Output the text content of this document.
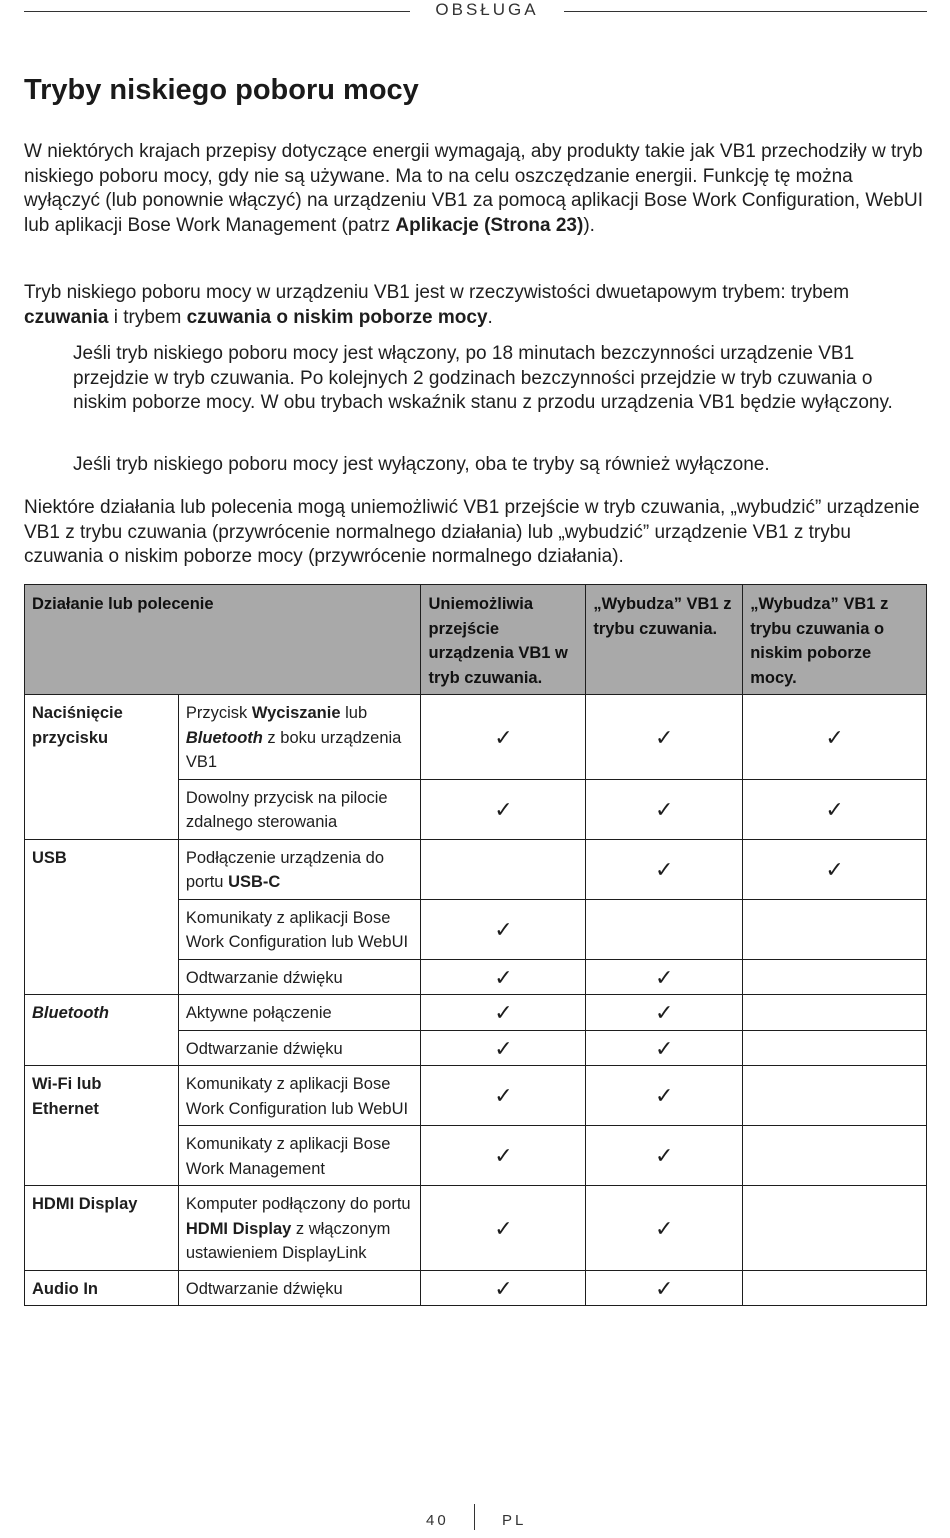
OBSŁUGA
Tryby niskiego poboru mocy

W niektórych krajach przepisy dotyczące energii wymagają, aby produkty takie jak VB1 przechodziły w tryb niskiego poboru mocy, gdy nie są używane. Ma to na celu oszczędzanie energii. Funkcję tę można wyłączyć (lub ponownie włączyć) na urządzeniu VB1 za pomocą aplikacji Bose Work Configuration, WebUI lub aplikacji Bose Work Management (patrz Aplikacje (Strona 23)).

Tryb niskiego poboru mocy w urządzeniu VB1 jest w rzeczywistości dwuetapowym trybem: trybem czuwania i trybem czuwania o niskim poborze mocy.

Jeśli tryb niskiego poboru mocy jest włączony, po 18 minutach bezczynności urządzenie VB1 przejdzie w tryb czuwania. Po kolejnych 2 godzinach bezczynności przejdzie w tryb czuwania o niskim poborze mocy. W obu trybach wskaźnik stanu z przodu urządzenia VB1 będzie wyłączony.

Jeśli tryb niskiego poboru mocy jest wyłączony, oba te tryby są również wyłączone.

Niektóre działania lub polecenia mogą uniemożliwić VB1 przejście w tryb czuwania, „wybudzić” urządzenie VB1 z trybu czuwania (przywrócenie normalnego działania) lub „wybudzić” urządzenie VB1 z trybu czuwania o niskim poborze mocy (przywrócenie normalnego działania).

Działanie lub polecenie		Uniemożliwia przejście urządzenia VB1 w tryb czuwania.	„Wybudza” VB1 z trybu czuwania.	„Wybudza” VB1 z trybu czuwania o niskim poborze mocy.
Naciśnięcie przycisku	Przycisk Wyciszanie lub Bluetooth z boku urządzenia VB1	✓	✓	✓
	Dowolny przycisk na pilocie zdalnego sterowania	✓	✓	✓
USB	Podłączenie urządzenia do portu USB-C		✓	✓
	Komunikaty z aplikacji Bose Work Configuration lub WebUI	✓		
	Odtwarzanie dźwięku	✓	✓	
Bluetooth	Aktywne połączenie	✓	✓	
	Odtwarzanie dźwięku	✓	✓	
Wi-Fi lub Ethernet	Komunikaty z aplikacji Bose Work Configuration lub WebUI	✓	✓	
	Komunikaty z aplikacji Bose Work Management	✓	✓	
HDMI Display	Komputer podłączony do portu HDMI Display z włączonym ustawieniem DisplayLink	✓	✓	
Audio In	Odtwarzanie dźwięku	✓	✓	
40	PL
